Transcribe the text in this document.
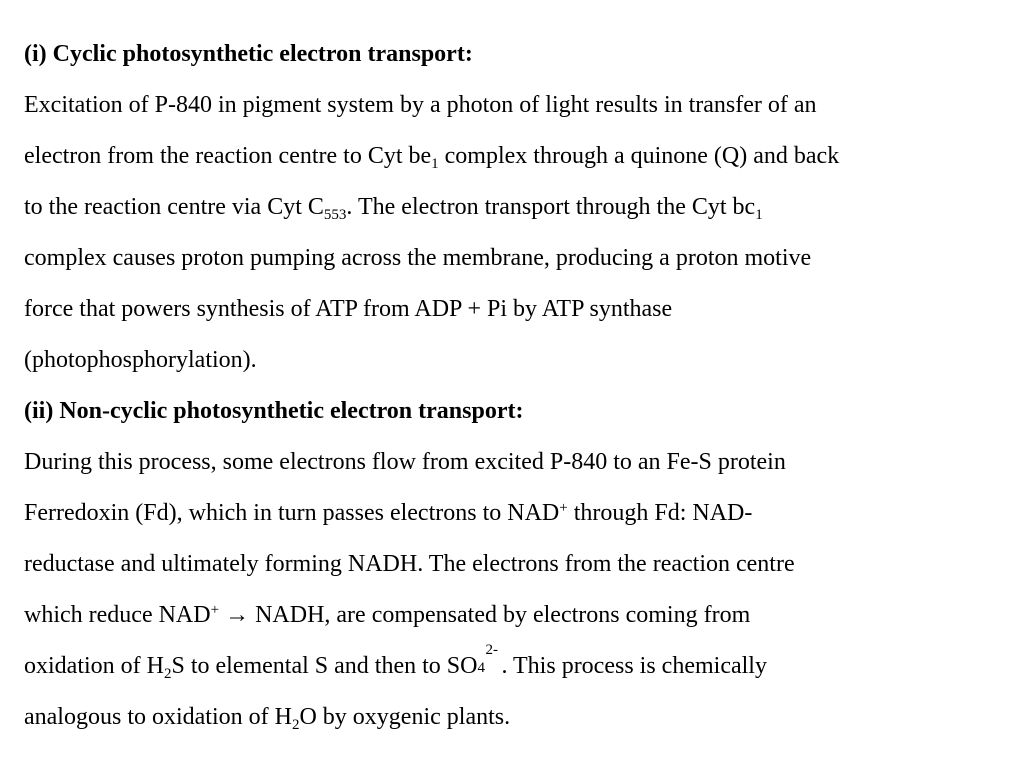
(i) Cyclic photosynthetic electron transport:
Excitation of P-840 in pigment system by a photon of light results in transfer of an
electron from the reaction centre to Cyt $be_1$ complex through a quinone (Q) and back
to the reaction centre via Cyt $C_{553}$. The electron transport through the Cyt $bc_1$
complex causes proton pumping across the membrane, producing a proton motive
force that powers synthesis of ATP from ADP + Pi by ATP synthase
(photophosphorylation).
(ii) Non-cyclic photosynthetic electron transport:
During this process, some electrons flow from excited P-840 to an Fe-S protein
Ferredoxin (Fd), which in turn passes electrons to NAD+ through Fd: NAD-
reductase and ultimately forming NADH. The electrons from the reaction centre
which reduce NAD+ → NADH, are compensated by electrons coming from
oxidation of $H_2S$ to elemental S and then to SO 4
2-
. This process is chemically
analogous to oxidation of $H_2O$ by oxygenic plants.
